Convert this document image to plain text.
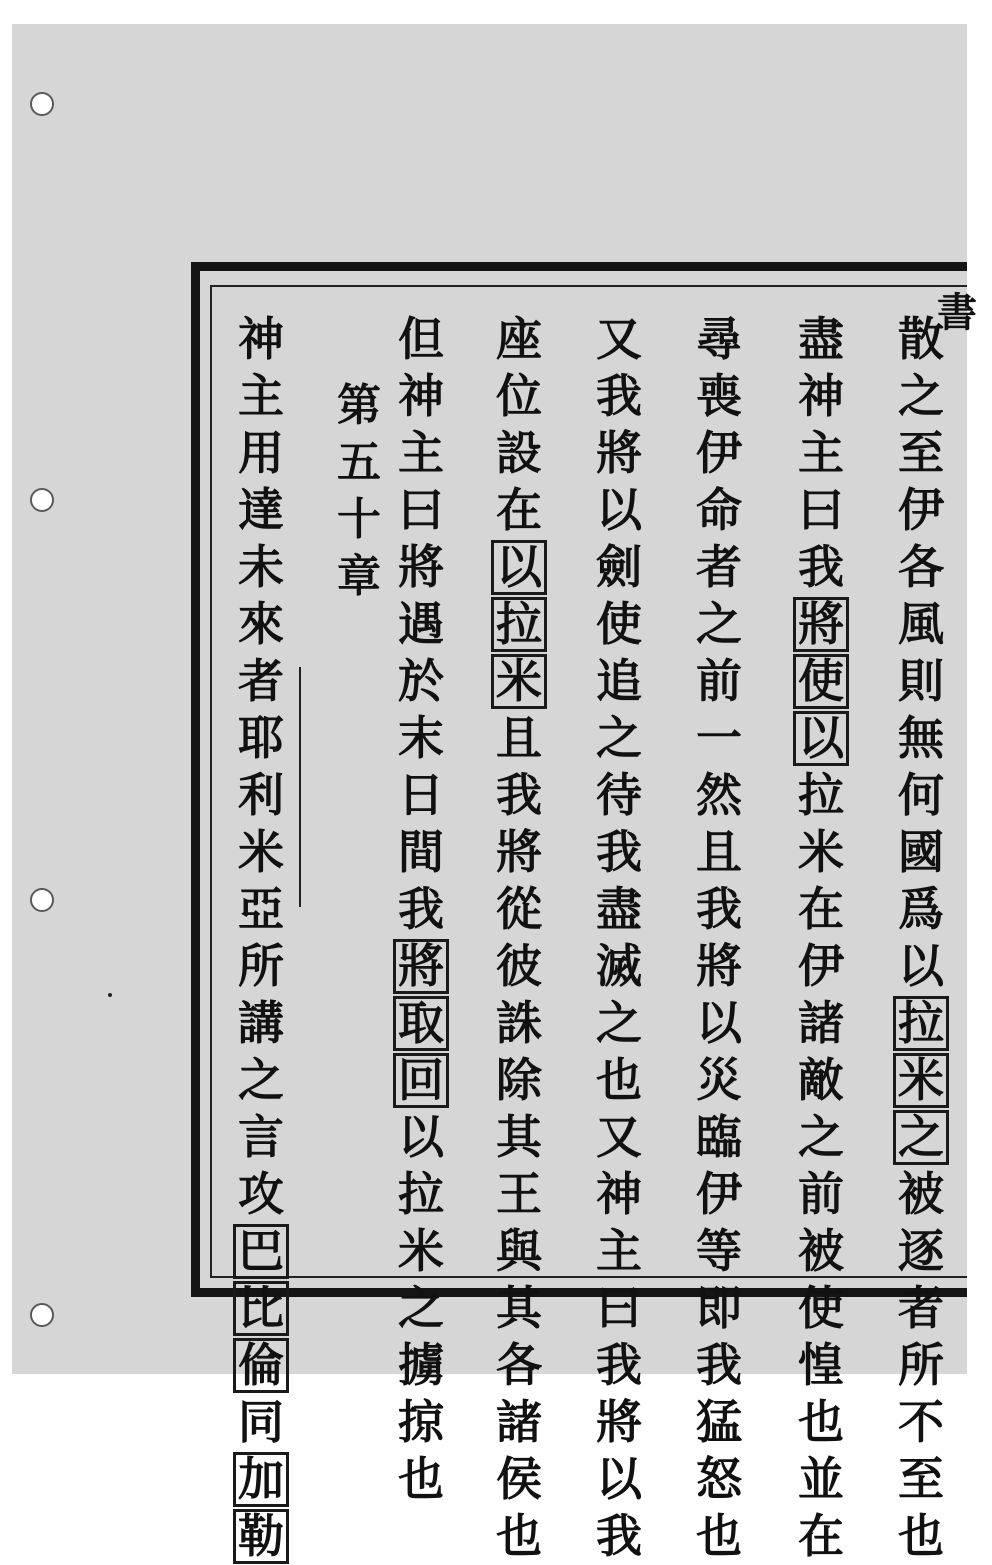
散
之
至
伊
各
風
則
無
何
國
爲
以
拉
米
之
被
逐
者
所
不
至
也
盡
神
主
曰
我
將
使
以
拉
米
在
伊
諸
敵
之
前
被
使
惶
也
並
在
尋
喪
伊
命
者
之
前
一
然
且
我
將
以
災
臨
伊
等
即
我
猛
怒
也
又
我
將
以
劍
使
追
之
待
我
盡
滅
之
也
又
神
主
曰
我
將
以
我
座
位
設
在
以
拉
米
且
我
將
從
彼
誅
除
其
王
與
其
各
諸
侯
也
但
神
主
曰
將
遇
於
末
日
間
我
將
取
回
以
拉
米
之
擄
掠
也
第
五
十
章
神
主
用
達
未
來
者
耶
利
米
亞
所
講
之
言
攻
巴
比
倫
同
加
勒
書
